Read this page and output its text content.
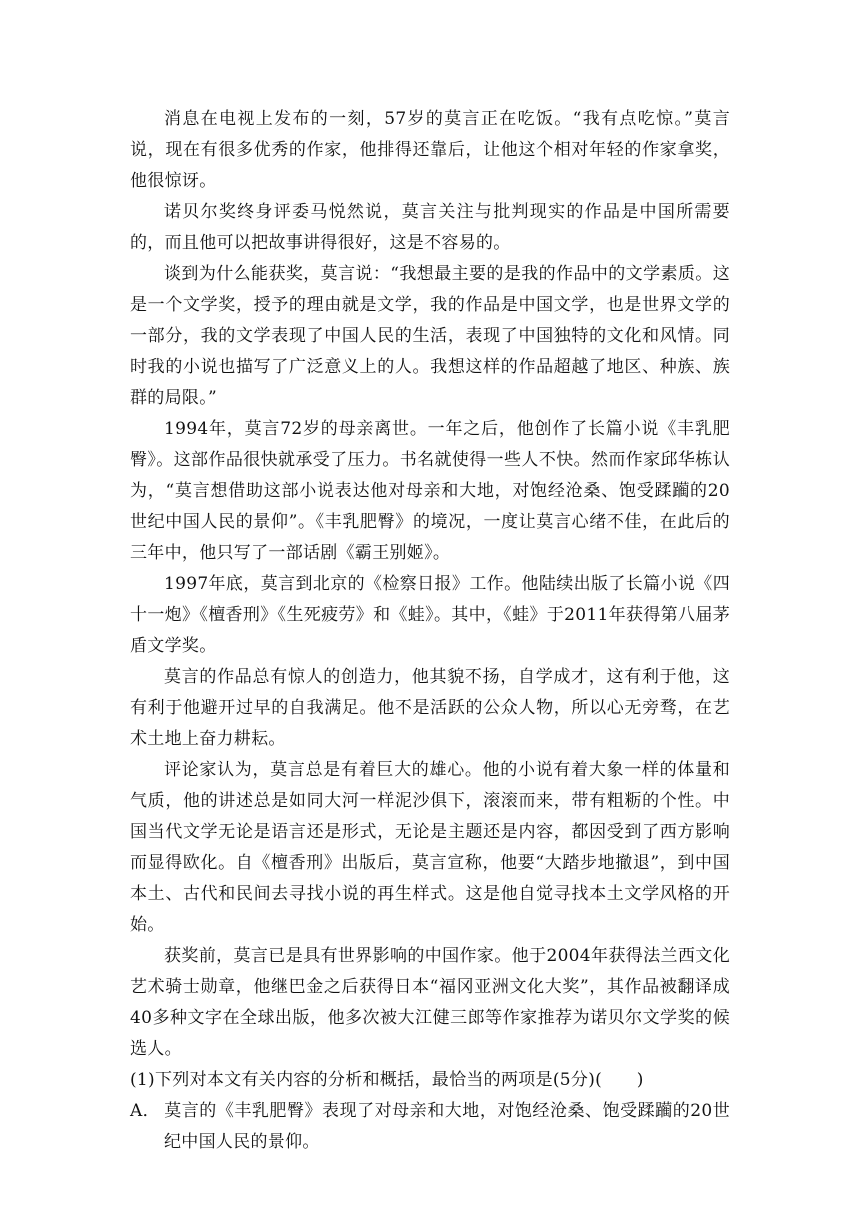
消息在电视上发布的一刻，57岁的莫言正在吃饭。“我有点吃惊。”莫言说，现在有很多优秀的作家，他排得还靠后，让他这个相对年轻的作家拿奖，他很惊讶。

诺贝尔奖终身评委马悦然说，莫言关注与批判现实的作品是中国所需要的，而且他可以把故事讲得很好，这是不容易的。

谈到为什么能获奖，莫言说：“我想最主要的是我的作品中的文学素质。这是一个文学奖，授予的理由就是文学，我的作品是中国文学，也是世界文学的一部分，我的文学表现了中国人民的生活，表现了中国独特的文化和风情。同时我的小说也描写了广泛意义上的人。我想这样的作品超越了地区、种族、族群的局限。”

1994年，莫言72岁的母亲离世。一年之后，他创作了长篇小说《丰乳肥臀》。这部作品很快就承受了压力。书名就使得一些人不快。然而作家邱华栋认为，“莫言想借助这部小说表达他对母亲和大地，对饱经沧桑、饱受蹂躏的20世纪中国人民的景仰”。《丰乳肥臀》的境况，一度让莫言心绪不佳，在此后的三年中，他只写了一部话剧《霸王别姬》。

1997年底，莫言到北京的《检察日报》工作。他陆续出版了长篇小说《四十一炮》《檀香刑》《生死疲劳》和《蛙》。其中，《蛙》于2011年获得第八届茅盾文学奖。

莫言的作品总有惊人的创造力，他其貌不扬，自学成才，这有利于他，这有利于他避开过早的自我满足。他不是活跃的公众人物，所以心无旁骛，在艺术土地上奋力耕耘。

评论家认为，莫言总是有着巨大的雄心。他的小说有着大象一样的体量和气质，他的讲述总是如同大河一样泥沙俱下，滚滚而来，带有粗粝的个性。中国当代文学无论是语言还是形式，无论是主题还是内容，都因受到了西方影响而显得欧化。自《檀香刑》出版后，莫言宣称，他要“大踏步地撤退”，到中国本土、古代和民间去寻找小说的再生样式。这是他自觉寻找本土文学风格的开始。

获奖前，莫言已是具有世界影响的中国作家。他于2004年获得法兰西文化艺术骑士勋章，他继巴金之后获得日本“福冈亚洲文化大奖”，其作品被翻译成40多种文字在全球出版，他多次被大江健三郎等作家推荐为诺贝尔文学奖的候选人。

(1)下列对本文有关内容的分析和概括，最恰当的两项是(5分)(　　)

A． 莫言的《丰乳肥臀》表现了对母亲和大地，对饱经沧桑、饱受蹂躏的20世纪中国人民的景仰。
